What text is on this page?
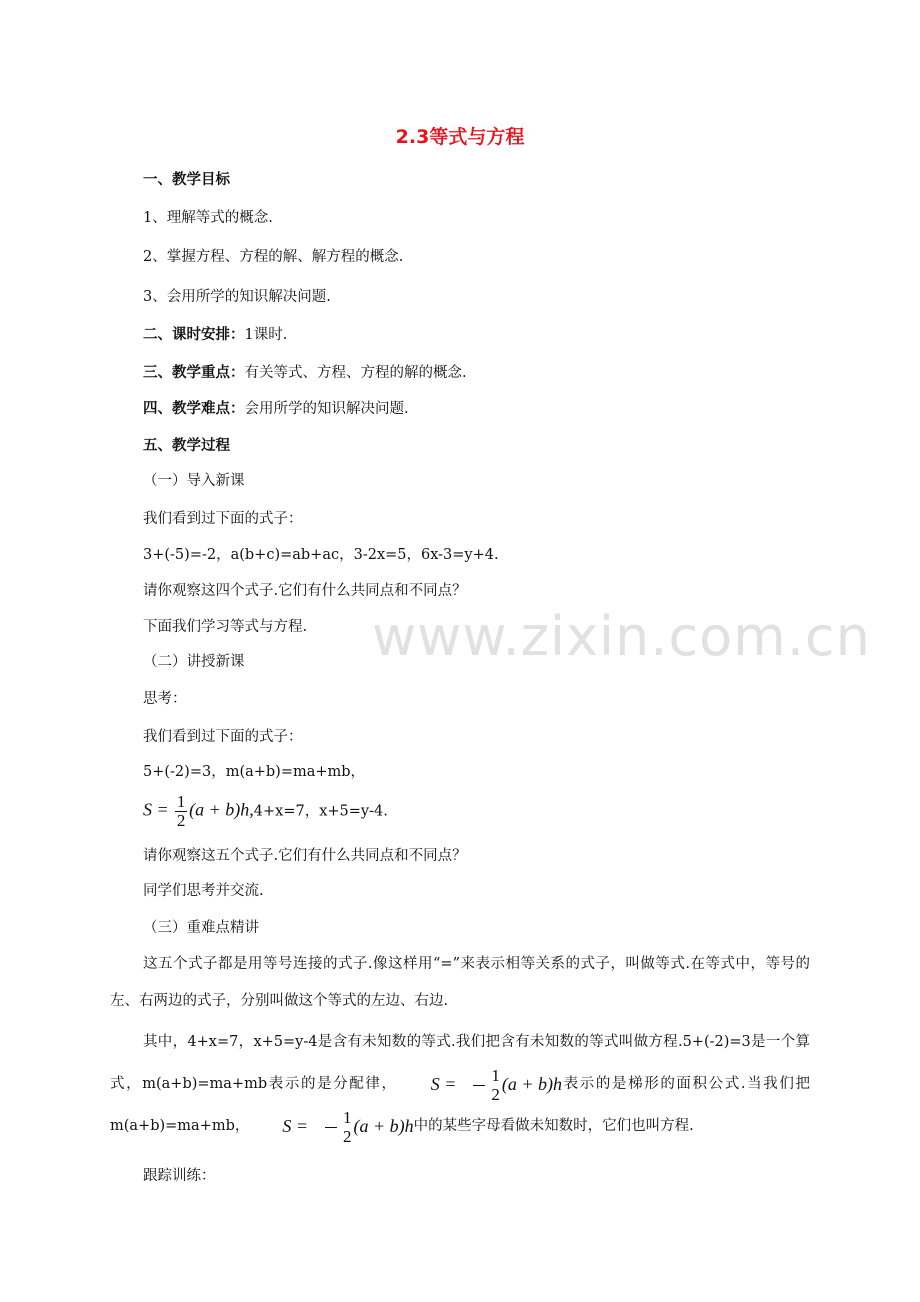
2.3等式与方程
一、教学目标
1、理解等式的概念.
2、掌握方程、方程的解、解方程的概念.
3、会用所学的知识解决问题.
二、课时安排：1课时.
三、教学重点：有关等式、方程、方程的解的概念.
四、教学难点：会用所学的知识解决问题.
五、教学过程
（一）导入新课
我们看到过下面的式子：
3+(-5)=-2，a(b+c)=ab+ac，3-2x=5，6x-3=y+4.
请你观察这四个式子.它们有什么共同点和不同点？
下面我们学习等式与方程.
（二）讲授新课
思考：
我们看到过下面的式子：
5+(-2)=3，m(a+b)=ma+mb，
$S = \frac{1}{2} (a + b)h,4+x=7$，x+5=y-4.
请你观察这五个式子.它们有什么共同点和不同点？
同学们思考并交流.
（三）重难点精讲
这五个式子都是用等号连接的式子.像这样用“=”来表示相等关系的式子，叫做等式.在等式中，等号的左、右两边的式子，分别叫做这个等式的左边、右边.
其中，4+x=7，x+5=y-4是含有未知数的等式.我们把含有未知数的等式叫做方程.5+(-2)=3是一个算式，m(a+b)=ma+mb表示的是分配律， $S = \frac{1}{2} (a + b)h$表示的是梯形的面积公式.当我们把m(a+b)=ma+mb， $S = \frac{1}{2} (a + b)h$中的某些字母看做未知数时，它们也叫方程.
跟踪训练：
www.zixin.com.cn
